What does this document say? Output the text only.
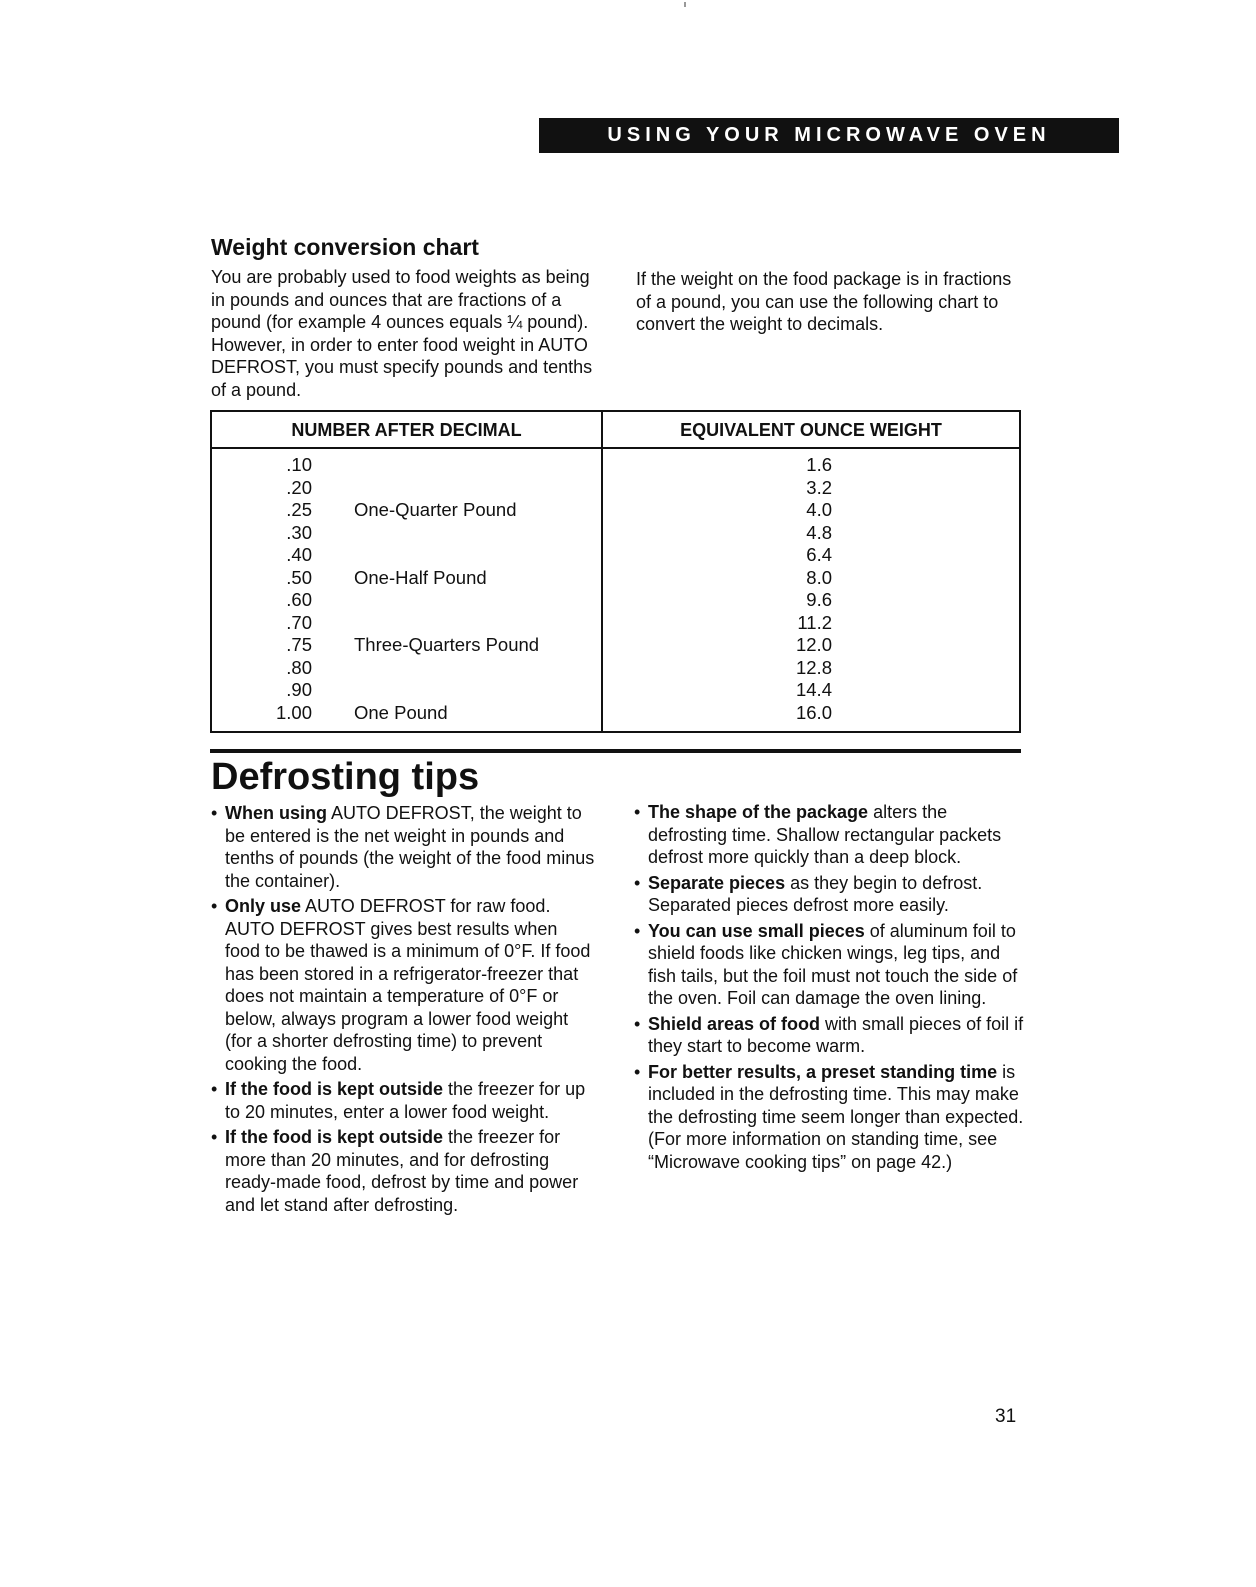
USING YOUR MICROWAVE OVEN
Weight conversion chart
You are probably used to food weights as being in pounds and ounces that are fractions of a pound (for example 4 ounces equals ¼ pound). However, in order to enter food weight in AUTO DEFROST, you must specify pounds and tenths of a pound.
If the weight on the food package is in fractions of a pound, you can use the following chart to convert the weight to decimals.
NUMBER AFTER DECIMAL	EQUIVALENT OUNCE WEIGHT
.10	1.6
.20	3.2
.25 One-Quarter Pound	4.0
.30	4.8
.40	6.4
.50 One-Half Pound	8.0
.60	9.6
.70	11.2
.75 Three-Quarters Pound	12.0
.80	12.8
.90	14.4
1.00 One Pound	16.0
Defrosting tips
• When using AUTO DEFROST, the weight to be entered is the net weight in pounds and tenths of pounds (the weight of the food minus the container).
• Only use AUTO DEFROST for raw food. AUTO DEFROST gives best results when food to be thawed is a minimum of 0°F. If food has been stored in a refrigerator-freezer that does not maintain a temperature of 0°F or below, always program a lower food weight (for a shorter defrosting time) to prevent cooking the food.
• If the food is kept outside the freezer for up to 20 minutes, enter a lower food weight.
• If the food is kept outside the freezer for more than 20 minutes, and for defrosting ready-made food, defrost by time and power and let stand after defrosting.
• The shape of the package alters the defrosting time. Shallow rectangular packets defrost more quickly than a deep block.
• Separate pieces as they begin to defrost. Separated pieces defrost more easily.
• You can use small pieces of aluminum foil to shield foods like chicken wings, leg tips, and fish tails, but the foil must not touch the side of the oven. Foil can damage the oven lining.
• Shield areas of food with small pieces of foil if they start to become warm.
• For better results, a preset standing time is included in the defrosting time. This may make the defrosting time seem longer than expected. (For more information on standing time, see “Microwave cooking tips” on page 42.)
31
